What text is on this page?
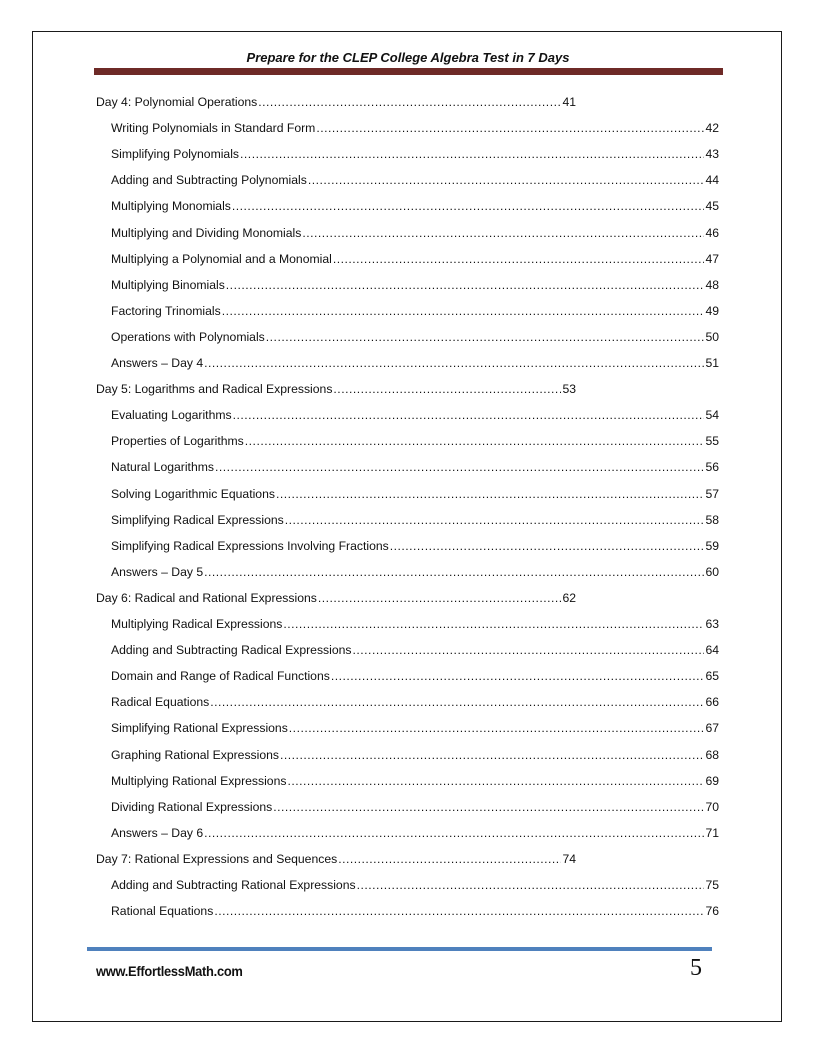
Prepare for the CLEP College Algebra Test in 7 Days
Day 4: Polynomial Operations .....	41
Writing Polynomials in Standard Form .....	42
Simplifying Polynomials .....	43
Adding and Subtracting Polynomials .....	44
Multiplying Monomials .....	45
Multiplying and Dividing Monomials .....	46
Multiplying a Polynomial and a Monomial .....	47
Multiplying Binomials .....	48
Factoring Trinomials .....	49
Operations with Polynomials .....	50
Answers – Day 4 .....	51
Day 5: Logarithms and Radical Expressions .....	53
Evaluating Logarithms .....	54
Properties of Logarithms .....	55
Natural Logarithms .....	56
Solving Logarithmic Equations .....	57
Simplifying Radical Expressions .....	58
Simplifying Radical Expressions Involving Fractions .....	59
Answers – Day 5 .....	60
Day 6: Radical and Rational Expressions .....	62
Multiplying Radical Expressions .....	63
Adding and Subtracting Radical Expressions .....	64
Domain and Range of Radical Functions .....	65
Radical Equations .....	66
Simplifying Rational Expressions .....	67
Graphing Rational Expressions .....	68
Multiplying Rational Expressions .....	69
Dividing Rational Expressions .....	70
Answers – Day 6 .....	71
Day 7: Rational Expressions and Sequences .....	74
Adding and Subtracting Rational Expressions .....	75
Rational Equations .....	76
www.EffortlessMath.com	5
